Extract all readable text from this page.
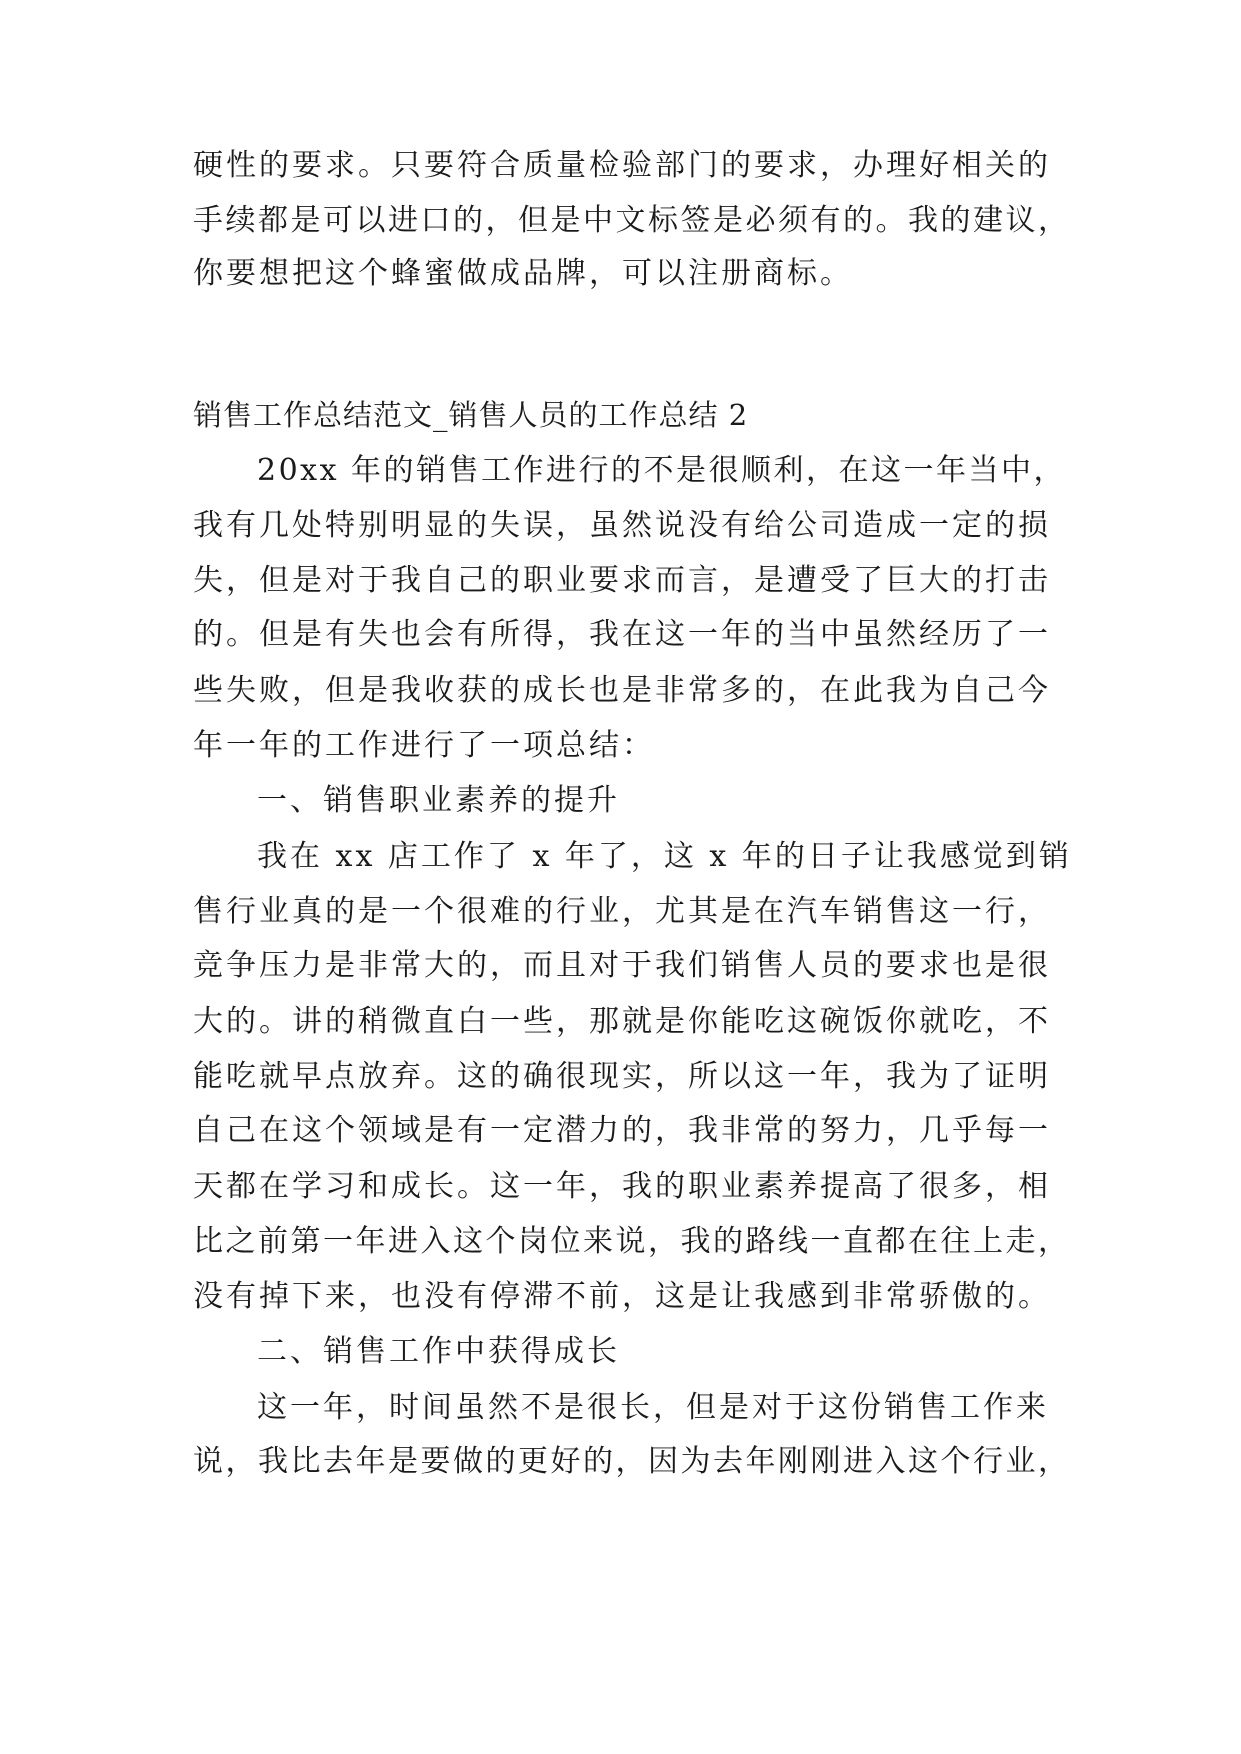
硬性的要求。只要符合质量检验部门的要求，办理好相关的
手续都是可以进口的，但是中文标签是必须有的。我的建议，
你要想把这个蜂蜜做成品牌，可以注册商标。
销售工作总结范文_销售人员的工作总结 2
20xx 年的销售工作进行的不是很顺利，在这一年当中，
我有几处特别明显的失误，虽然说没有给公司造成一定的损
失，但是对于我自己的职业要求而言，是遭受了巨大的打击
的。但是有失也会有所得，我在这一年的当中虽然经历了一
些失败，但是我收获的成长也是非常多的，在此我为自己今
年一年的工作进行了一项总结：
一、销售职业素养的提升
我在 xx 店工作了 x 年了，这 x 年的日子让我感觉到销
售行业真的是一个很难的行业，尤其是在汽车销售这一行，
竞争压力是非常大的，而且对于我们销售人员的要求也是很
大的。讲的稍微直白一些，那就是你能吃这碗饭你就吃，不
能吃就早点放弃。这的确很现实，所以这一年，我为了证明
自己在这个领域是有一定潜力的，我非常的努力，几乎每一
天都在学习和成长。这一年，我的职业素养提高了很多，相
比之前第一年进入这个岗位来说，我的路线一直都在往上走，
没有掉下来，也没有停滞不前，这是让我感到非常骄傲的。
二、销售工作中获得成长
这一年，时间虽然不是很长，但是对于这份销售工作来
说，我比去年是要做的更好的，因为去年刚刚进入这个行业，
